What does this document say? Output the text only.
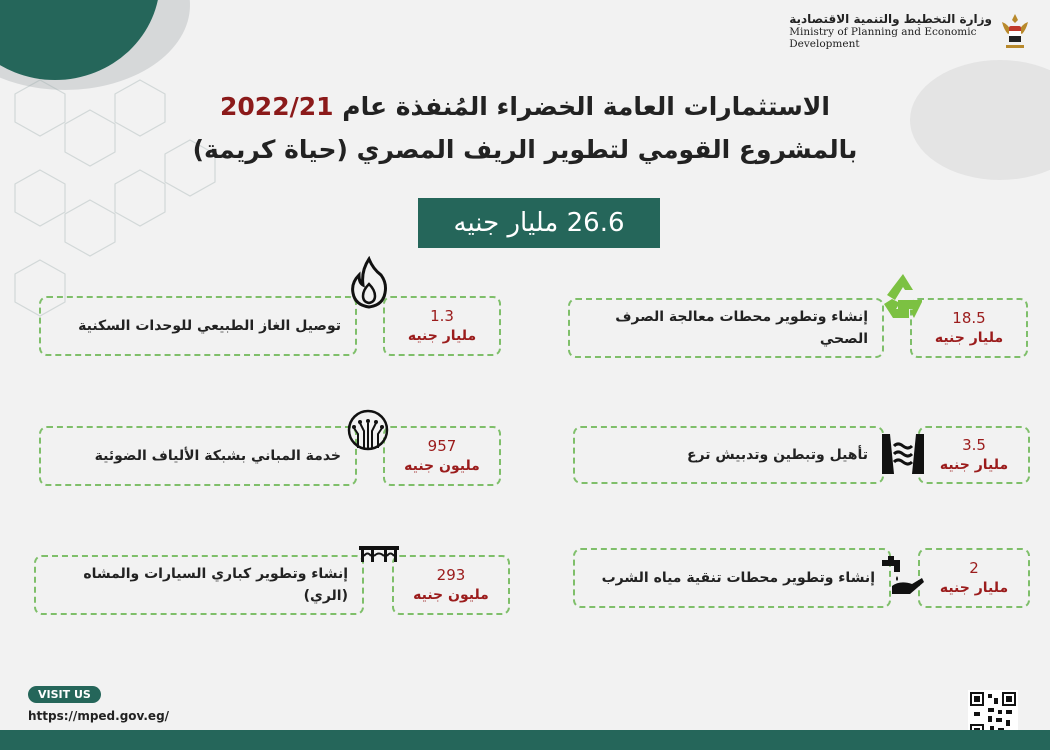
وزارة التخطيط والتنمية الاقتصادية
Ministry of Planning and Economic
Development
الاستثمارات العامة الخضراء المُنفذة عام 2022/21
بالمشروع القومي لتطوير الريف المصري (حياة كريمة)
26.6 مليار جنيه
إنشاء وتطوير محطات معالجة الصرف الصحي
18.5
مليار جنيه
تأهيل وتبطين وتدبيش ترع
3.5
مليار جنيه
إنشاء وتطوير محطات تنقية مياه الشرب
2
مليار جنيه
توصيل الغاز الطبيعي للوحدات السكنية
1.3
مليار جنيه
خدمة المباني بشبكة الألياف الضوئية
957
مليون جنيه
إنشاء وتطوير كباري السيارات والمشاه (الري)
293
مليون جنيه
VISIT US
https://mped.gov.eg/
